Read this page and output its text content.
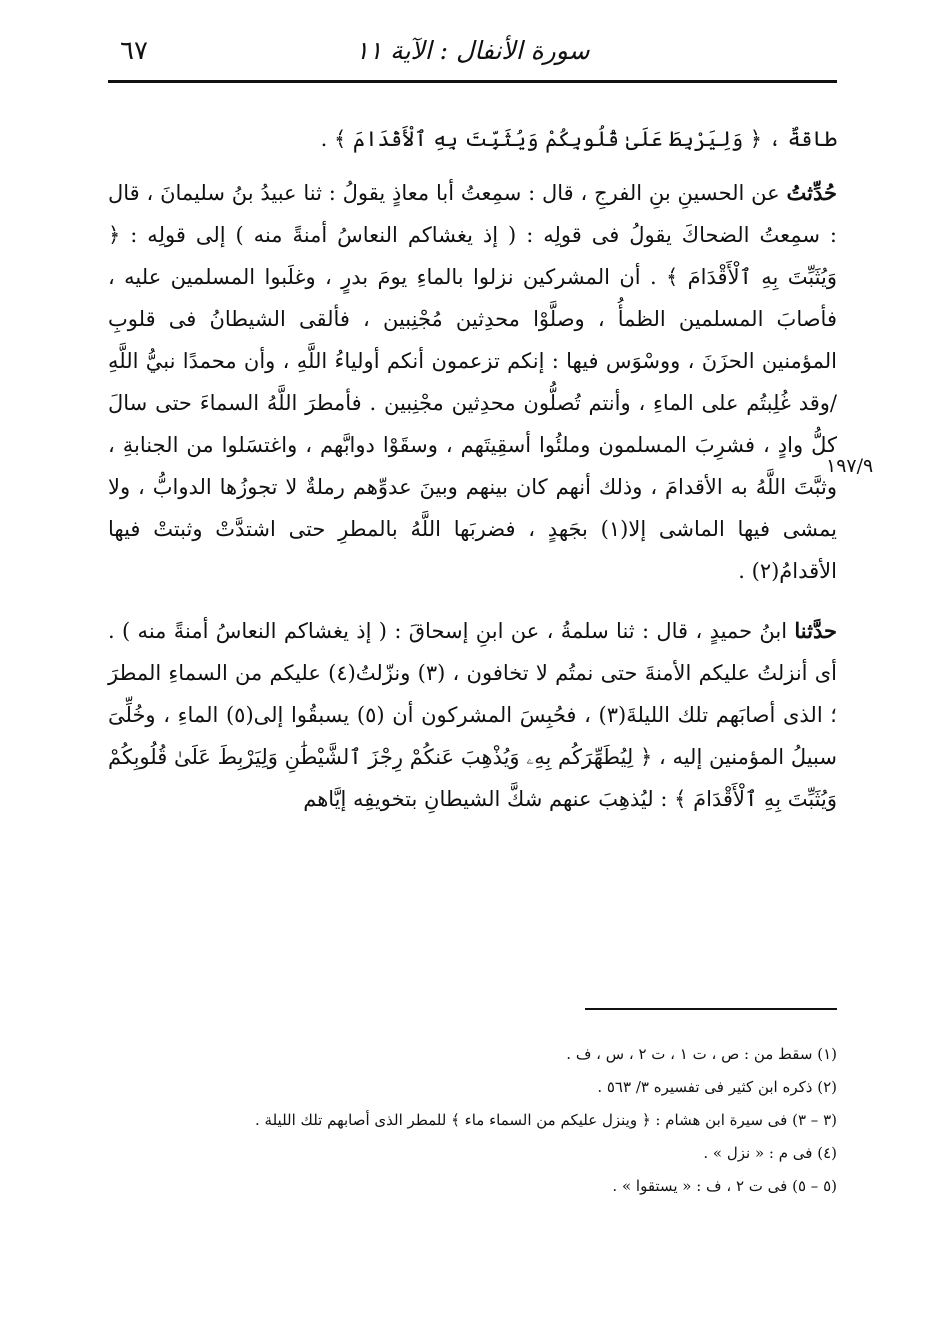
٦٧	سورة الأنفال : الآية ١١
١٩٧/٩

طاقةٌ ، ﴿ وَلِيَرْبِطَ عَلَىٰ قُلُوبِكُمْ وَيُثَبِّتَ بِهِ ٱلْأَقْدَامَ ﴾ .

حُدِّثتُ عن الحسينِ بنِ الفرجِ ، قال : سمِعتُ أبا معاذٍ يقولُ : ثنا عبيدُ بنُ سليمانَ ، قال : سمِعتُ الضحاكَ يقولُ فى قولِه : ( إذ يغشاكم النعاسُ أمنةً منه ) إلى قولِه : ﴿ وَيُثَبِّتَ بِهِ ٱلْأَقْدَامَ ﴾ . أن المشركين نزلوا بالماءِ يومَ بدرٍ ، وغلَبوا المسلمين عليه ، فأصابَ المسلمين الظمأُ ، وصلَّوْا محدِثين مُجْنِبين ، فألقى الشيطانُ فى قلوبِ المؤمنين الحزَنَ ، ووسْوَس فيها : إنكم تزعمون أنكم أولياءُ اللَّهِ ، وأن محمدًا نبيُّ اللَّهِ /وقد غُلِبتُم على الماءِ ، وأنتم تُصلُّون محدِثين مجْنِبين . فأمطرَ اللَّهُ السماءَ حتى سالَ كلُّ وادٍ ، فشرِبَ المسلمون وملئُوا أسقِيتَهم ، وسقَوْا دوابَّهم ، واغتسَلوا من الجنابةِ ، وثبَّتَ اللَّهُ به الأقدامَ ، وذلك أنهم كان بينهم وبينَ عدوِّهم رملةٌ لا تجوزُها الدوابُّ ، ولا يمشى فيها الماشى إلا(١) بجَهدٍ ، فضربَها اللَّهُ بالمطرِ حتى اشتدَّتْ وثبتتْ فيها الأقدامُ(٢) .

حدَّثنا ابنُ حميدٍ ، قال : ثنا سلمةُ ، عن ابنِ إسحاقَ : ( إذ يغشاكم النعاسُ أمنةً منه ) . أى أنزلتُ عليكم الأمنةَ حتى نمتُم لا تخافون ، (٣) ونزّلتُ(٤) عليكم من السماءِ المطرَ ؛ الذى أصابَهم تلك الليلةَ(٣) ، فحُبِسَ المشركون أن (٥) يسبقُوا إلى(٥) الماءِ ، وخُلِّىَ سبيلُ المؤمنين إليه ، ﴿ لِيُطَهِّرَكُم بِهِۦ وَيُذْهِبَ عَنكُمْ رِجْزَ ٱلشَّيْطَٰنِ وَلِيَرْبِطَ عَلَىٰ قُلُوبِكُمْ وَيُثَبِّتَ بِهِ ٱلْأَقْدَامَ ﴾ : ليُذهِبَ عنهم شكَّ الشيطانِ بتخويفِه إيَّاهم

(١) سقط من : ص ، ت ١ ، ت ٢ ، س ، ف .

(٢) ذكره ابن كثير فى تفسيره ٣/ ٥٦٣ .

(٣ – ٣) فى سيرة ابن هشام : ﴿ وينزل عليكم من السماء ماء ﴾ للمطر الذى أصابهم تلك الليلة .

(٤) فى م : « نزل » .

(٥ – ٥) فى ت ٢ ، ف : « يستقوا » .
